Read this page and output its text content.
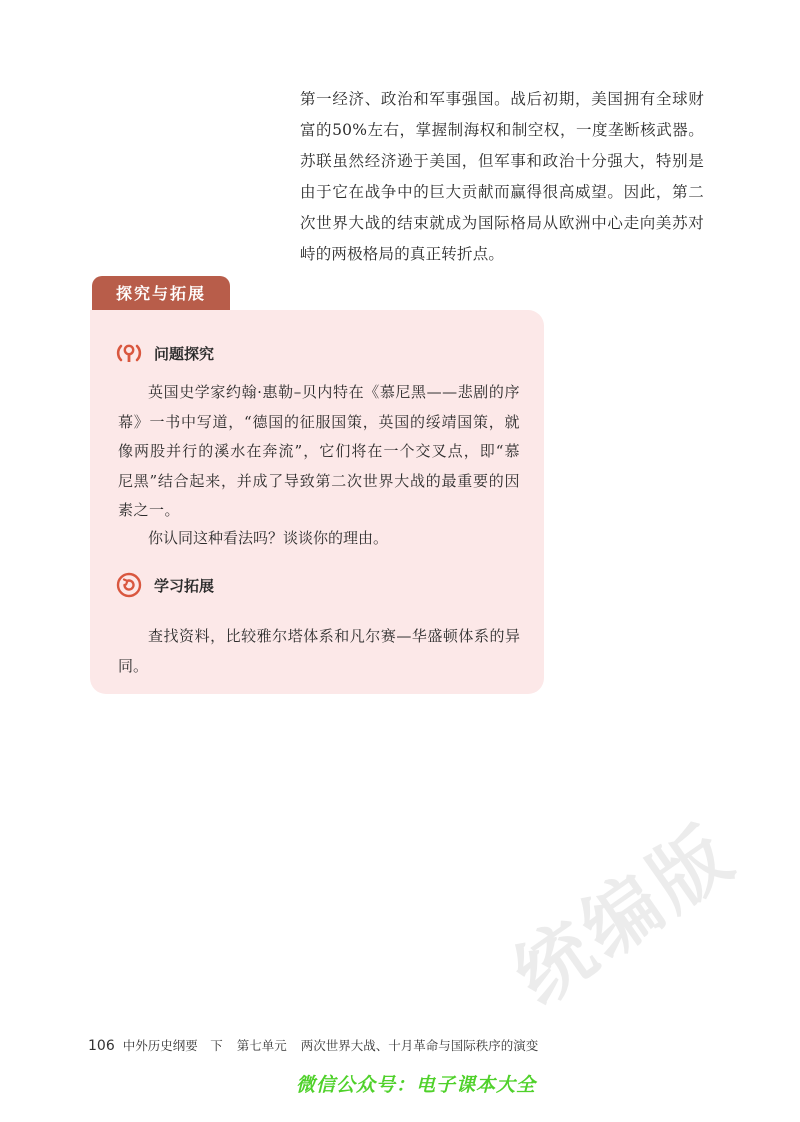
第一经济、政治和军事强国。战后初期，美国拥有全球财富的50%左右，掌握制海权和制空权，一度垄断核武器。苏联虽然经济逊于美国，但军事和政治十分强大，特别是由于它在战争中的巨大贡献而赢得很高威望。因此，第二次世界大战的结束就成为国际格局从欧洲中心走向美苏对峙的两极格局的真正转折点。

探究与拓展
问题探究

英国史学家约翰·惠勒–贝内特在《慕尼黑——悲剧的序幕》一书中写道，“德国的征服国策，英国的绥靖国策，就像两股并行的溪水在奔流”，它们将在一个交叉点，即“慕尼黑”结合起来，并成了导致第二次世界大战的最重要的因素之一。

你认同这种看法吗？谈谈你的理由。

学习拓展

查找资料，比较雅尔塔体系和凡尔赛—华盛顿体系的异同。

统编版
106 中外历史纲要　下 第七单元 两次世界大战、十月革命与国际秩序的演变
微信公众号：电子课本大全
